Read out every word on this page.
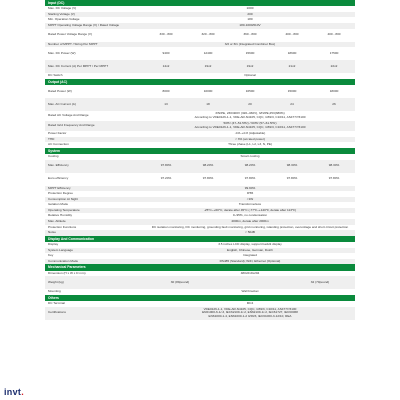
Input (DC)
Max. DC Voltage (V)	1000
Starting Voltage (V)	200
Min. Operation Voltage	180
MPPT Operating Voltage Range (V) / Rated Voltage	180-1000/610V
Rated Power Voltage Range (V)	330 - 800	320 - 800	360 - 800	400 - 800	400 - 800
Number of MPPT / String Per MPPT	3/2 or 6/1 (Integrated Combiner Box)
Max. DC Power (W)	9400	12400	15600	18600	17500
Max. DC Current (A) Per MPPT / Per MPPT	14x2	19x2	19x2	21x2	22x2
DC Switch	Optional
Output (AC)
Rated Power (W)	8000	10000	16500	15000	18000
Max. AC Current (A)	13	18	20	24	26
Rated AC Voltage And Range	3/N/PE, 230/400V (320~460V), 3/N/PE,253(380%)
According to VDE0126-1-1, VDE-AR-N4105, CQC, G59/3, C10/11, AS4777/3100
Rated Grid Frequency And Range	50Hz (47~51.5Hz) / 60Hz (57~61.5Hz)
According to VDE0126-1-1, VDE-AR-N4105, CQC, G59/3, C10/11, AS4777/3100
Power Factor	-0.8~+0.8 (Adjustable)
THD	< 3% (at rated power)
AC Connection	Three phase (L1, L2, L3, N, PE)
System
Cooling	Smart cooling
Max. Efficiency	97.80%	98.20%	98.20%	98.30%	98.30%
Euro efficiency	97.20%	97.80%	97.80%	97.80%	97.80%
MPPT Efficiency	99.90%
Protection Degree	IP65
Consumption At Night	<1W
Isolation Mode	Transformerless
Operating Temperature	-25°C~+60°C, derate after 45°C (-77°F~+140°F, derate after 113°F)
Relative Humidity	0~95%, no condensation
Max. Altitude	4000m, derate after 2000m
Protection Functions	DC isolation monitoring, DC monitoring, grounding fault monitoring, grid monitoring, islanding protection, overvoltage and short circuit protection
Noise	< 50dB
Display And Communication
Display	3.5 inches LCD display, support backlit display
System Language	English, Chinese, German, Dutch
Key	Integrated
Communication Mode	RS485 (Standard); WiFi; Ethernet (Optional)
Mechanical Parameters
Dimension (H x W x D mm)	480x619x204
Weight (kg)	30 (89pound)	32 (70pound)
Mounting	Wall bracket
Others
DC Terminal	MC4
Certifications
VDE0126-1-1, VDE-AR-N4105, CQC, G59/3, C10/11, AS4777/3100
EN61000-6-1/-3, IEC62109-1/-2, EN62109-1/-2, IEC61727, IEC60068
EN61000-1-4, EN61000-1-2 G59/3, IEC61000-3-12/10, REA
invt.
